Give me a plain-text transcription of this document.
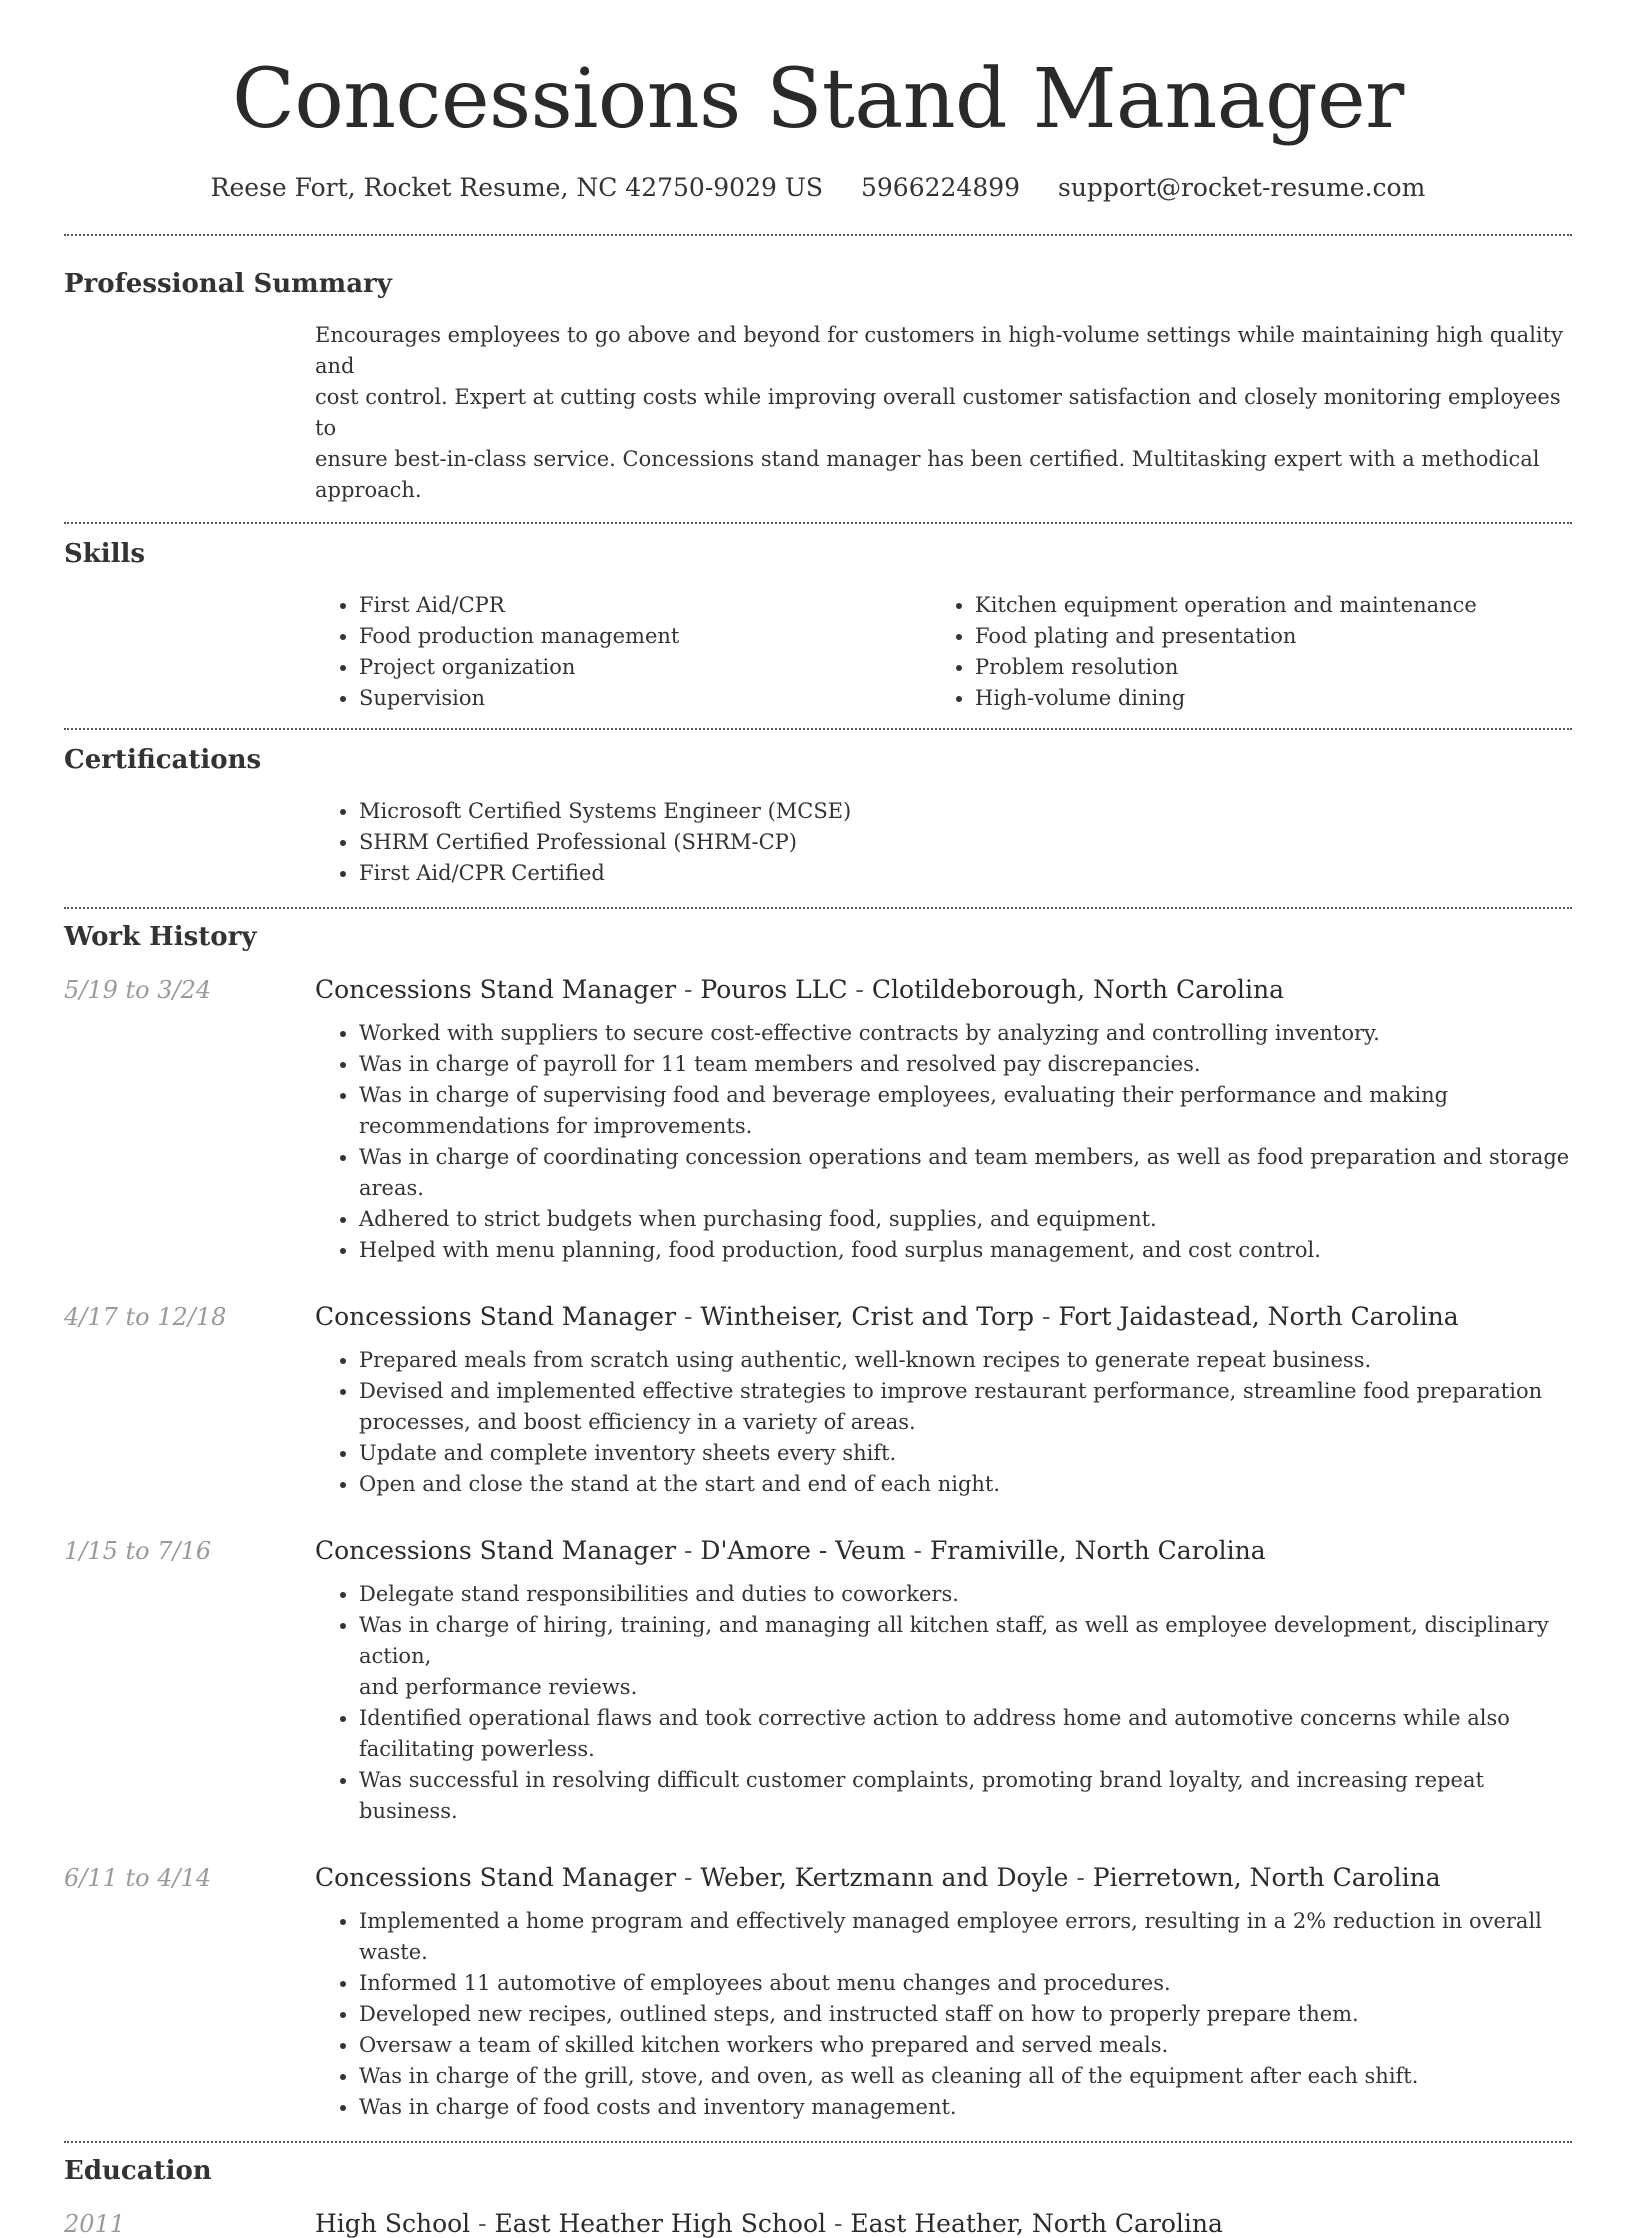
Concessions Stand Manager
Reese Fort, Rocket Resume, NC 42750-9029 US 5966224899 support@rocket-resume.com
Professional Summary
Encourages employees to go above and beyond for customers in high-volume settings while maintaining high quality and
cost control. Expert at cutting costs while improving overall customer satisfaction and closely monitoring employees to
ensure best-in-class service. Concessions stand manager has been certified. Multitasking expert with a methodical
approach.
Skills
• First Aid/CPR
• Food production management
• Project organization
• Supervision
• Kitchen equipment operation and maintenance
• Food plating and presentation
• Problem resolution
• High-volume dining
Certifications
• Microsoft Certified Systems Engineer (MCSE)
• SHRM Certified Professional (SHRM-CP)
• First Aid/CPR Certified
Work History
5/19 to 3/24	Concessions Stand Manager - Pouros LLC - Clotildeborough, North Carolina
• Worked with suppliers to secure cost-effective contracts by analyzing and controlling inventory.
• Was in charge of payroll for 11 team members and resolved pay discrepancies.
• Was in charge of supervising food and beverage employees, evaluating their performance and making
recommendations for improvements.
• Was in charge of coordinating concession operations and team members, as well as food preparation and storage areas.
• Adhered to strict budgets when purchasing food, supplies, and equipment.
• Helped with menu planning, food production, food surplus management, and cost control.
4/17 to 12/18	Concessions Stand Manager - Wintheiser, Crist and Torp - Fort Jaidastead, North Carolina
• Prepared meals from scratch using authentic, well-known recipes to generate repeat business.
• Devised and implemented effective strategies to improve restaurant performance, streamline food preparation
processes, and boost efficiency in a variety of areas.
• Update and complete inventory sheets every shift.
• Open and close the stand at the start and end of each night.
1/15 to 7/16	Concessions Stand Manager - D'Amore - Veum - Framiville, North Carolina
• Delegate stand responsibilities and duties to coworkers.
• Was in charge of hiring, training, and managing all kitchen staff, as well as employee development, disciplinary action,
and performance reviews.
• Identified operational flaws and took corrective action to address home and automotive concerns while also
facilitating powerless.
• Was successful in resolving difficult customer complaints, promoting brand loyalty, and increasing repeat business.
6/11 to 4/14	Concessions Stand Manager - Weber, Kertzmann and Doyle - Pierretown, North Carolina
• Implemented a home program and effectively managed employee errors, resulting in a 2% reduction in overall waste.
• Informed 11 automotive of employees about menu changes and procedures.
• Developed new recipes, outlined steps, and instructed staff on how to properly prepare them.
• Oversaw a team of skilled kitchen workers who prepared and served meals.
• Was in charge of the grill, stove, and oven, as well as cleaning all of the equipment after each shift.
• Was in charge of food costs and inventory management.
Education
2011	High School - East Heather High School - East Heather, North Carolina
